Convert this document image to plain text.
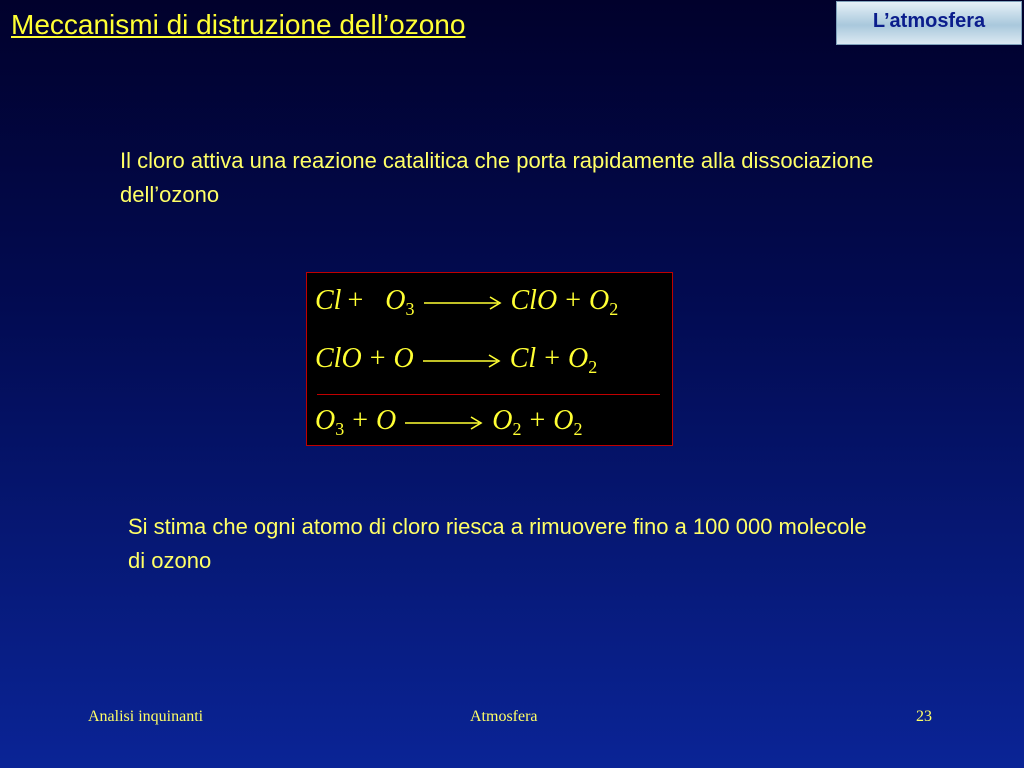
Meccanismi di distruzione dell’ozono	L’atmosfera
Il cloro attiva una reazione catalitica che porta rapidamente alla dissociazione dell’ozono
$Cl + O_3$ → ClO + $O_2$
ClO + $O \to Cl + O_2$
$O_3 + O \to O_2 + O_2$
Si stima che ogni atomo di cloro riesca a rimuovere fino a 100 000 molecole di ozono
Analisi inquinanti	Atmosfera	23
